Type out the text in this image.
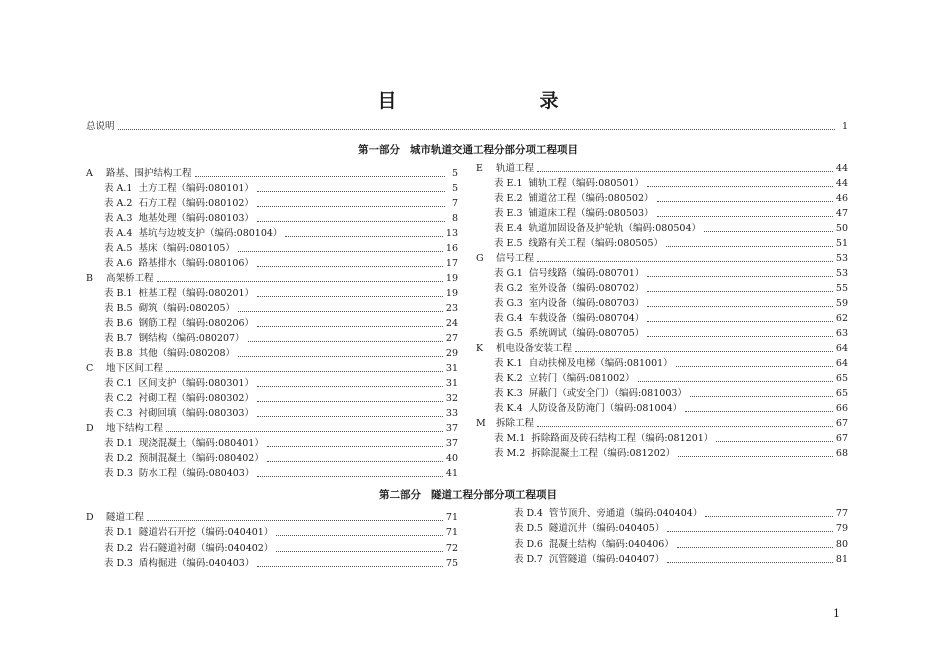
目　录
总说明	1
第一部分 城市轨道交通工程分部分项工程项目
A 路基、围护结构工程	5
表 A.1 土方工程（编码:080101）	5
表 A.2 石方工程（编码:080102）	7
表 A.3 地基处理（编码:080103）	8
表 A.4 基坑与边坡支护（编码:080104）	13
表 A.5 基床（编码:080105）	16
表 A.6 路基排水（编码:080106）	17
B 高架桥工程	19
表 B.1 桩基工程（编码:080201）	19
表 B.5 砌筑（编码:080205）	23
表 B.6 钢筋工程（编码:080206）	24
表 B.7 钢结构（编码:080207）	27
表 B.8 其他（编码:080208）	29
C 地下区间工程	31
表 C.1 区间支护（编码:080301）	31
表 C.2 衬砌工程（编码:080302）	32
表 C.3 衬砌回填（编码:080303）	33
D 地下结构工程	37
表 D.1 现浇混凝土（编码:080401）	37
表 D.2 预制混凝土（编码:080402）	40
表 D.3 防水工程（编码:080403）	41
E 轨道工程	44
表 E.1 铺轨工程（编码:080501）	44
表 E.2 铺道岔工程（编码:080502）	46
表 E.3 铺道床工程（编码:080503）	47
表 E.4 轨道加固设备及护轮轨（编码:080504）	50
表 E.5 线路有关工程（编码:080505）	51
G 信号工程	53
表 G.1 信号线路（编码:080701）	53
表 G.2 室外设备（编码:080702）	55
表 G.3 室内设备（编码:080703）	59
表 G.4 车载设备（编码:080704）	62
表 G.5 系统调试（编码:080705）	63
K 机电设备安装工程	64
表 K.1 自动扶梯及电梯（编码:081001）	64
表 K.2 立转门（编码:081002）	65
表 K.3 屏蔽门（或安全门）（编码:081003）	65
表 K.4 人防设备及防淹门（编码:081004）	66
M 拆除工程	67
表 M.1 拆除路面及砖石结构工程（编码:081201）	67
表 M.2 拆除混凝土工程（编码:081202）	68
第二部分 隧道工程分部分项工程项目
D 隧道工程	71
表 D.1 隧道岩石开挖（编码:040401）	71
表 D.2 岩石隧道衬砌（编码:040402）	72
表 D.3 盾构掘进（编码:040403）	75
表 D.4 管节顶升、旁通道（编码:040404）	77
表 D.5 隧道沉井（编码:040405）	79
表 D.6 混凝土结构（编码:040406）	80
表 D.7 沉管隧道（编码:040407）	81
1
